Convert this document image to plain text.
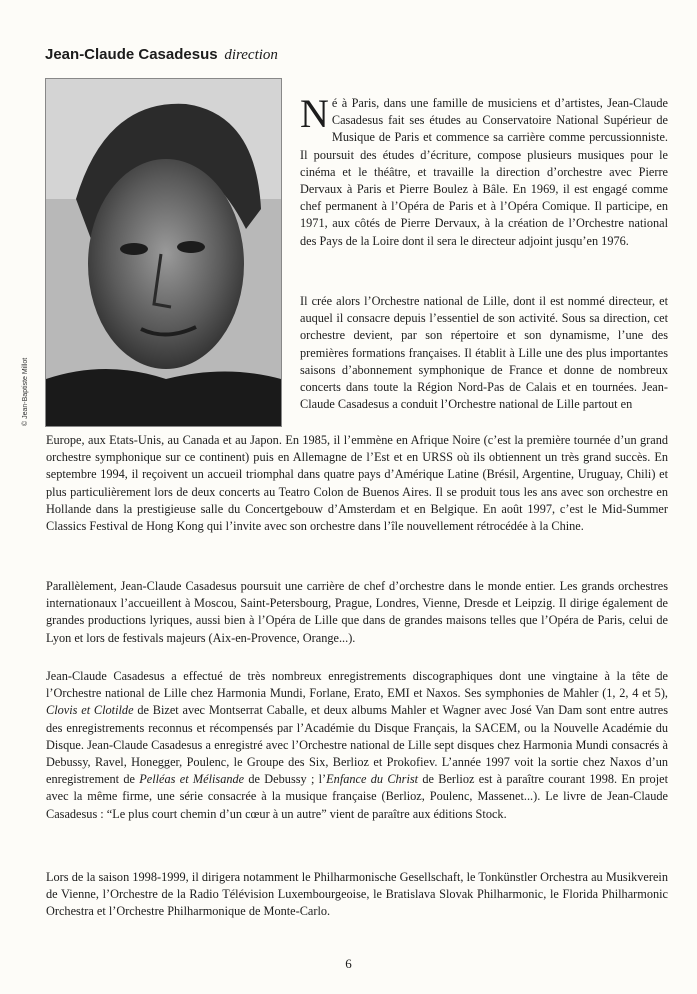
Jean-Claude Casadesus direction
© Jean-Baptiste Millot
Né à Paris, dans une famille de musiciens et d’artistes, Jean-Claude Casadesus fait ses études au Conservatoire National Supérieur de Musique de Paris et commence sa carrière comme percussionniste. Il poursuit des études d’écriture, compose plusieurs musiques pour le cinéma et le théâtre, et travaille la direction d’orchestre avec Pierre Dervaux à Paris et Pierre Boulez à Bâle. En 1969, il est engagé comme chef permanent à l’Opéra de Paris et à l’Opéra Comique. Il participe, en 1971, aux côtés de Pierre Dervaux, à la création de l’Orchestre national des Pays de la Loire dont il sera le directeur adjoint jusqu’en 1976.
Il crée alors l’Orchestre national de Lille, dont il est nommé directeur, et auquel il consacre depuis l’essentiel de son activité. Sous sa direction, cet orchestre devient, par son répertoire et son dynamisme, l’une des premières formations françaises. Il établit à Lille une des plus importantes saisons d’abonnement symphonique de France et donne de nombreux concerts dans toute la Région Nord-Pas de Calais et en tournées. Jean-Claude Casadesus a conduit l’Orchestre national de Lille partout en
Europe, aux Etats-Unis, au Canada et au Japon. En 1985, il l’emmène en Afrique Noire (c’est la première tournée d’un grand orchestre symphonique sur ce continent) puis en Allemagne de l’Est et en URSS où ils obtiennent un très grand succès. En septembre 1994, il reçoivent un accueil triomphal dans quatre pays d’Amérique Latine (Brésil, Argentine, Uruguay, Chili) et plus particulièrement lors de deux concerts au Teatro Colon de Buenos Aires. Il se produit tous les ans avec son orchestre en Hollande dans la prestigieuse salle du Concertgebouw d’Amsterdam et en Belgique. En août 1997, c’est le Mid-Summer Classics Festival de Hong Kong qui l’invite avec son orchestre dans l’île nouvellement rétrocédée à la Chine.
Parallèlement, Jean-Claude Casadesus poursuit une carrière de chef d’orchestre dans le monde entier. Les grands orchestres internationaux l’accueillent à Moscou, Saint-Petersbourg, Prague, Londres, Vienne, Dresde et Leipzig. Il dirige également de grandes productions lyriques, aussi bien à l’Opéra de Lille que dans de grandes maisons telles que l’Opéra de Paris, celui de Lyon et lors de festivals majeurs (Aix-en-Provence, Orange...).
Jean-Claude Casadesus a effectué de très nombreux enregistrements discographiques dont une vingtaine à la tête de l’Orchestre national de Lille chez Harmonia Mundi, Forlane, Erato, EMI et Naxos. Ses symphonies de Mahler (1, 2, 4 et 5), Clovis et Clotilde de Bizet avec Montserrat Caballe, et deux albums Mahler et Wagner avec José Van Dam sont entre autres des enregistrements reconnus et récompensés par l’Académie du Disque Français, la SACEM, ou la Nouvelle Académie du Disque. Jean-Claude Casadesus a enregistré avec l’Orchestre national de Lille sept disques chez Harmonia Mundi consacrés à Debussy, Ravel, Honegger, Poulenc, le Groupe des Six, Berlioz et Prokofiev. L’année 1997 voit la sortie chez Naxos d’un enregistrement de Pelléas et Mélisande de Debussy ; l’Enfance du Christ de Berlioz est à paraître courant 1998. En projet avec la même firme, une série consacrée à la musique française (Berlioz, Poulenc, Massenet...). Le livre de Jean-Claude Casadesus : “Le plus court chemin d’un cœur à un autre” vient de paraître aux éditions Stock.
Lors de la saison 1998-1999, il dirigera notamment le Philharmonische Gesellschaft, le Tonkünstler Orchestra au Musikverein de Vienne, l’Orchestre de la Radio Télévision Luxembourgeoise, le Bratislava Slovak Philharmonic, le Florida Philharmonic Orchestra et l’Orchestre Philharmonique de Monte-Carlo.
6
